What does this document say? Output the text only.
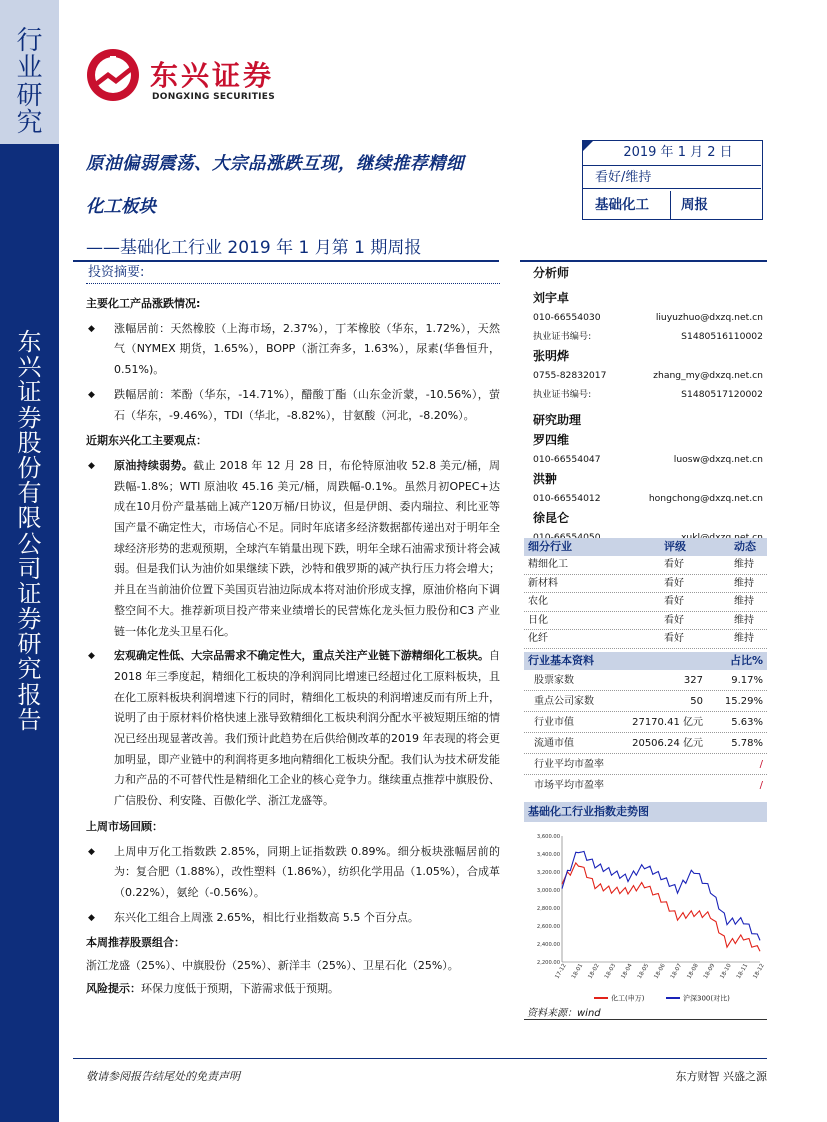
行
业
研
究
东
兴
证
券
股
份
有
限
公
司
证
券
研
究
报
告
东兴证券
DONGXING SECURITIES
原油偏弱震荡、大宗品涨跌互现，继续推荐精细
化工板块
——基础化工行业 2019 年 1 月第 1 期周报
2019 年 1 月 2 日
看好/维持
基础化工	周报
投资摘要:
主要化工产品涨跌情况:
◆ 涨幅居前：天然橡胶（上海市场，2.37%），丁苯橡胶（华东，1.72%），天然气（NYMEX 期货，1.65%），BOPP（浙江奔多，1.63%），尿素(华鲁恒升，0.51%)。
◆ 跌幅居前：苯酚（华东，-14.71%），醋酸丁酯（山东金沂蒙，-10.56%），萤石（华东，-9.46%），TDI（华北，-8.82%），甘氨酸（河北，-8.20%）。
近期东兴化工主要观点：
◆ 原油持续弱势。截止 2018 年 12 月 28 日，布伦特原油收 52.8 美元/桶，周跌幅-1.8%；WTI 原油收 45.16 美元/桶，周跌幅-0.1%。虽然月初OPEC+达成在10月份产量基础上减产120万桶/日协议，但是伊朗、委内瑞拉、利比亚等国产量不确定性大，市场信心不足。同时年底诸多经济数据都传递出对于明年全球经济形势的悲观预期，全球汽车销量出现下跌，明年全球石油需求预计将会减弱。但是我们认为油价如果继续下跌，沙特和俄罗斯的减产执行压力将会增大；并且在当前油价位置下美国页岩油边际成本将对油价形成支撑，原油价格向下调整空间不大。推荐新项目投产带来业绩增长的民营炼化龙头恒力股份和C3 产业链一体化龙头卫星石化。
◆ 宏观确定性低、大宗品需求不确定性大，重点关注产业链下游精细化工板块。自2018 年三季度起，精细化工板块的净利润同比增速已经超过化工原料板块，且在化工原料板块利润增速下行的同时，精细化工板块的利润增速反而有所上升，说明了由于原材料价格快速上涨导致精细化工板块利润分配水平被短期压缩的情况已经出现显著改善。我们预计此趋势在后供给侧改革的2019 年表现的将会更加明显，即产业链中的利润将更多地向精细化工板块分配。我们认为技术研发能力和产品的不可替代性是精细化工企业的核心竞争力。继续重点推荐中旗股份、广信股份、利安隆、百傲化学、浙江龙盛等。
上周市场回顾：
◆ 上周申万化工指数跌 2.85%，同期上证指数跌 0.89%。细分板块涨幅居前的为：复合肥（1.88%），改性塑料（1.86%），纺织化学用品（1.05%），合成革（0.22%），氨纶（-0.56%）。
◆ 东兴化工组合上周涨 2.65%，相比行业指数高 5.5 个百分点。
本周推荐股票组合：
浙江龙盛（25%）、中旗股份（25%）、新洋丰（25%）、卫星石化（25%）。
风险提示：环保力度低于预期，下游需求低于预期。
分析师
刘宇卓
010-66554030	liuyuzhuo@dxzq.net.cn
执业证书编号:	S1480516110002
张明烨
0755-82832017	zhang_my@dxzq.net.cn
执业证书编号:	S1480517120002
研究助理
罗四维
010-66554047	luosw@dxzq.net.cn
洪翀
010-66554012	hongchong@dxzq.net.cn
徐昆仑
细分行业	评级	动态
精细化工	看好	维持
新材料	看好	维持
农化	看好	维持
日化	看好	维持
化纤	看好	维持
行业基本资料	占比%
股票家数	327	9.17%
重点公司家数	50 15.29%
行业市值	27170.41 亿元	5.63%
流通市值	20506.24 亿元	5.78%
行业平均市盈率	/
市场平均市盈率	/
基础化工行业指数走势图
2,200.00
2,400.00
2,600.00
2,800.00
3,000.00
3,200.00
3,400.00
3,600.00
17-12 18-01 18-02 18-03 18-04 18-05 18-06 18-07 18-08 18-09 18-10 18-11 18-12
化工(申万)	沪深300(对比)
资料来源：wind
敬请参阅报告结尾处的免责声明	东方财智 兴盛之源
